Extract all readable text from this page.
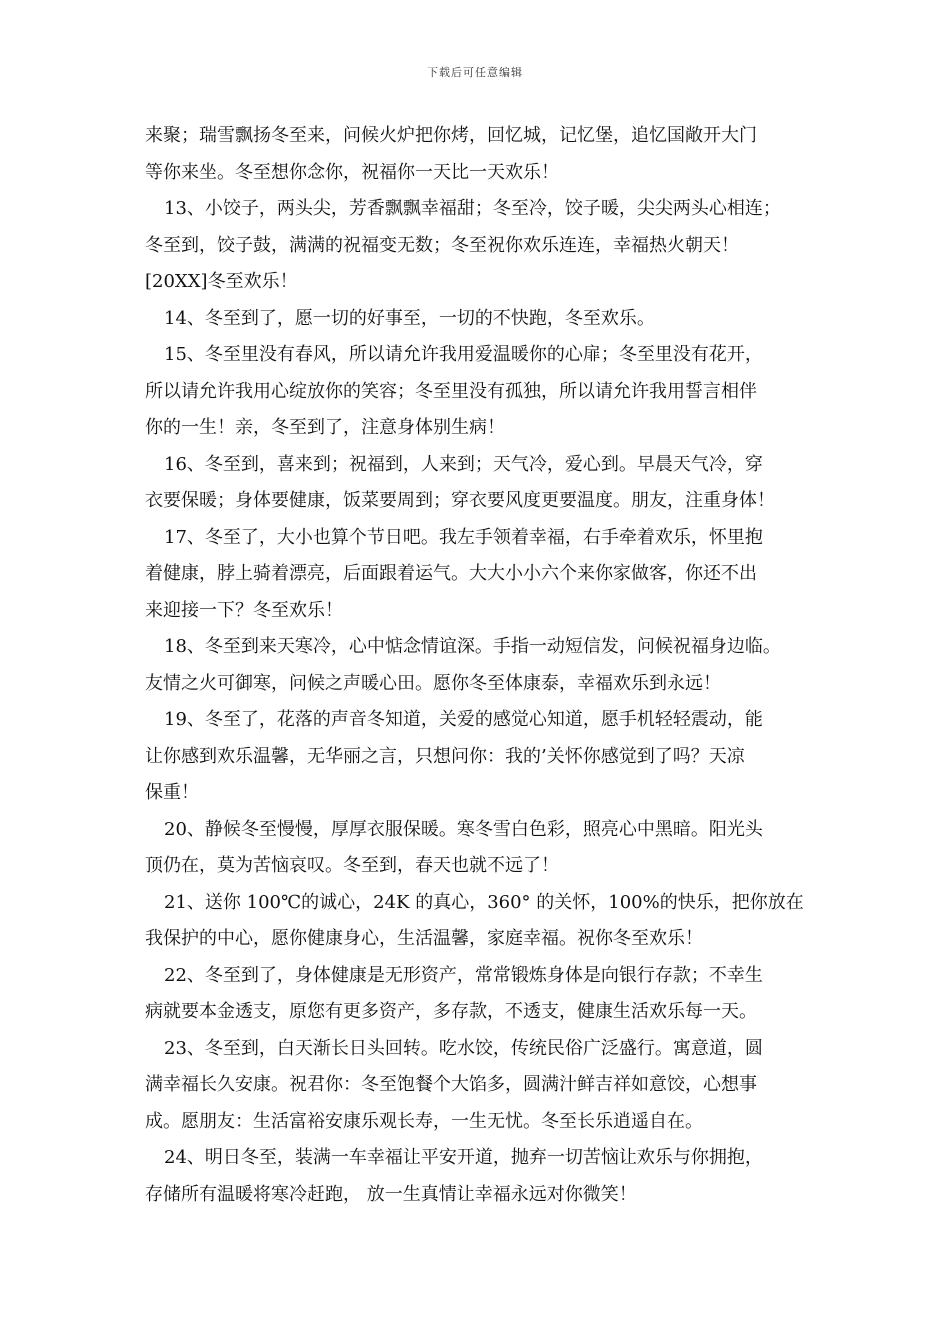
下载后可任意编辑
来聚；瑞雪飘扬冬至来，问候火炉把你烤，回忆城，记忆堡，追忆国敞开大门
等你来坐。冬至想你念你，祝福你一天比一天欢乐！
13、小饺子，两头尖，芳香飘飘幸福甜；冬至冷，饺子暖，尖尖两头心相连；
冬至到，饺子鼓，满满的祝福变无数；冬至祝你欢乐连连，幸福热火朝天！
[20XX]冬至欢乐！
14、冬至到了，愿一切的好事至，一切的不快跑，冬至欢乐。
15、冬至里没有春风，所以请允许我用爱温暖你的心扉；冬至里没有花开，
所以请允许我用心绽放你的笑容；冬至里没有孤独，所以请允许我用誓言相伴
你的一生！亲，冬至到了，注意身体别生病！
16、冬至到，喜来到；祝福到，人来到；天气冷，爱心到。早晨天气冷，穿
衣要保暖；身体要健康，饭菜要周到；穿衣要风度更要温度。朋友，注重身体！
17、冬至了，大小也算个节日吧。我左手领着幸福，右手牵着欢乐，怀里抱
着健康，脖上骑着漂亮，后面跟着运气。大大小小六个来你家做客，你还不出
来迎接一下？冬至欢乐！
18、冬至到来天寒冷，心中惦念情谊深。手指一动短信发，问候祝福身边临。
友情之火可御寒，问候之声暖心田。愿你冬至体康泰，幸福欢乐到永远！
19、冬至了，花落的声音冬知道，关爱的感觉心知道，愿手机轻轻震动，能
让你感到欢乐温馨，无华丽之言，只想问你：我的’关怀你感觉到了吗？天凉
保重！
20、静候冬至慢慢，厚厚衣服保暖。寒冬雪白色彩，照亮心中黑暗。阳光头
顶仍在，莫为苦恼哀叹。冬至到，春天也就不远了！
21、送你 100℃的诚心，24K 的真心，360° 的关怀，100%的快乐，把你放在
我保护的中心，愿你健康身心，生活温馨，家庭幸福。祝你冬至欢乐！
22、冬至到了，身体健康是无形资产，常常锻炼身体是向银行存款；不幸生
病就要本金透支，原您有更多资产，多存款，不透支，健康生活欢乐每一天。
23、冬至到，白天渐长日头回转。吃水饺，传统民俗广泛盛行。寓意道，圆
满幸福长久安康。祝君你：冬至饱餐个大馅多，圆满汁鲜吉祥如意饺，心想事
成。愿朋友：生活富裕安康乐观长寿，一生无忧。冬至长乐逍遥自在。
24、明日冬至，装满一车幸福让平安开道，抛弃一切苦恼让欢乐与你拥抱，
存储所有温暖将寒冷赶跑， 放一生真情让幸福永远对你微笑！
